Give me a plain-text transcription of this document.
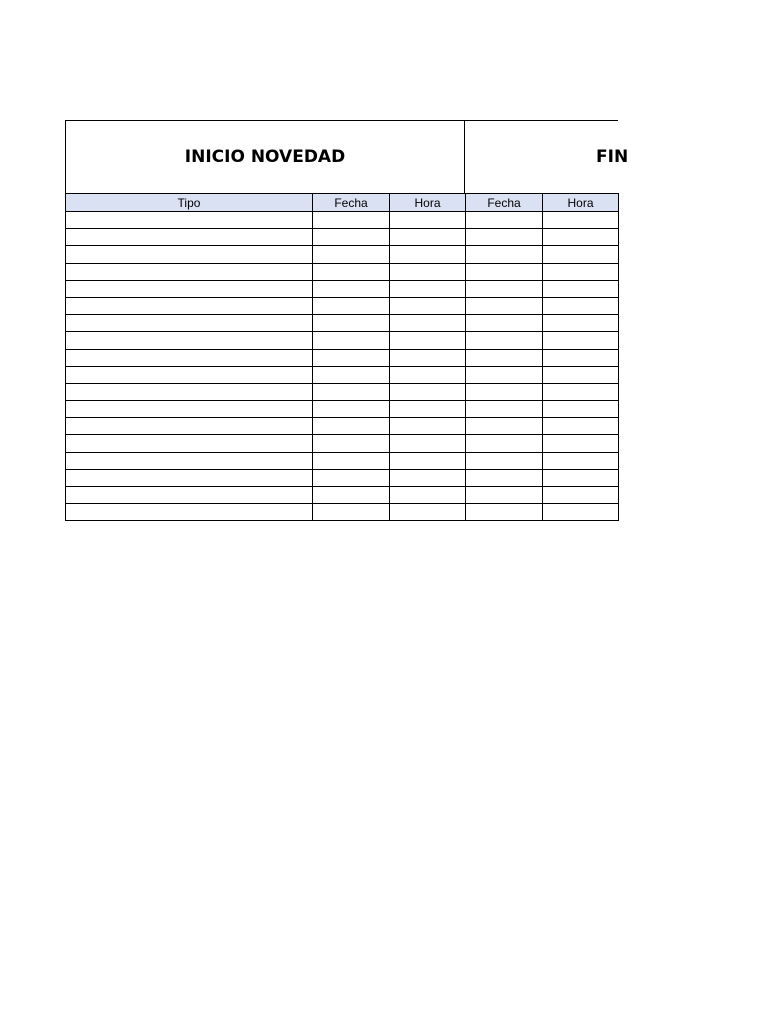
INICIO NOVEDAD	FIN
Tipo	Fecha	Hora	Fecha	Hora
